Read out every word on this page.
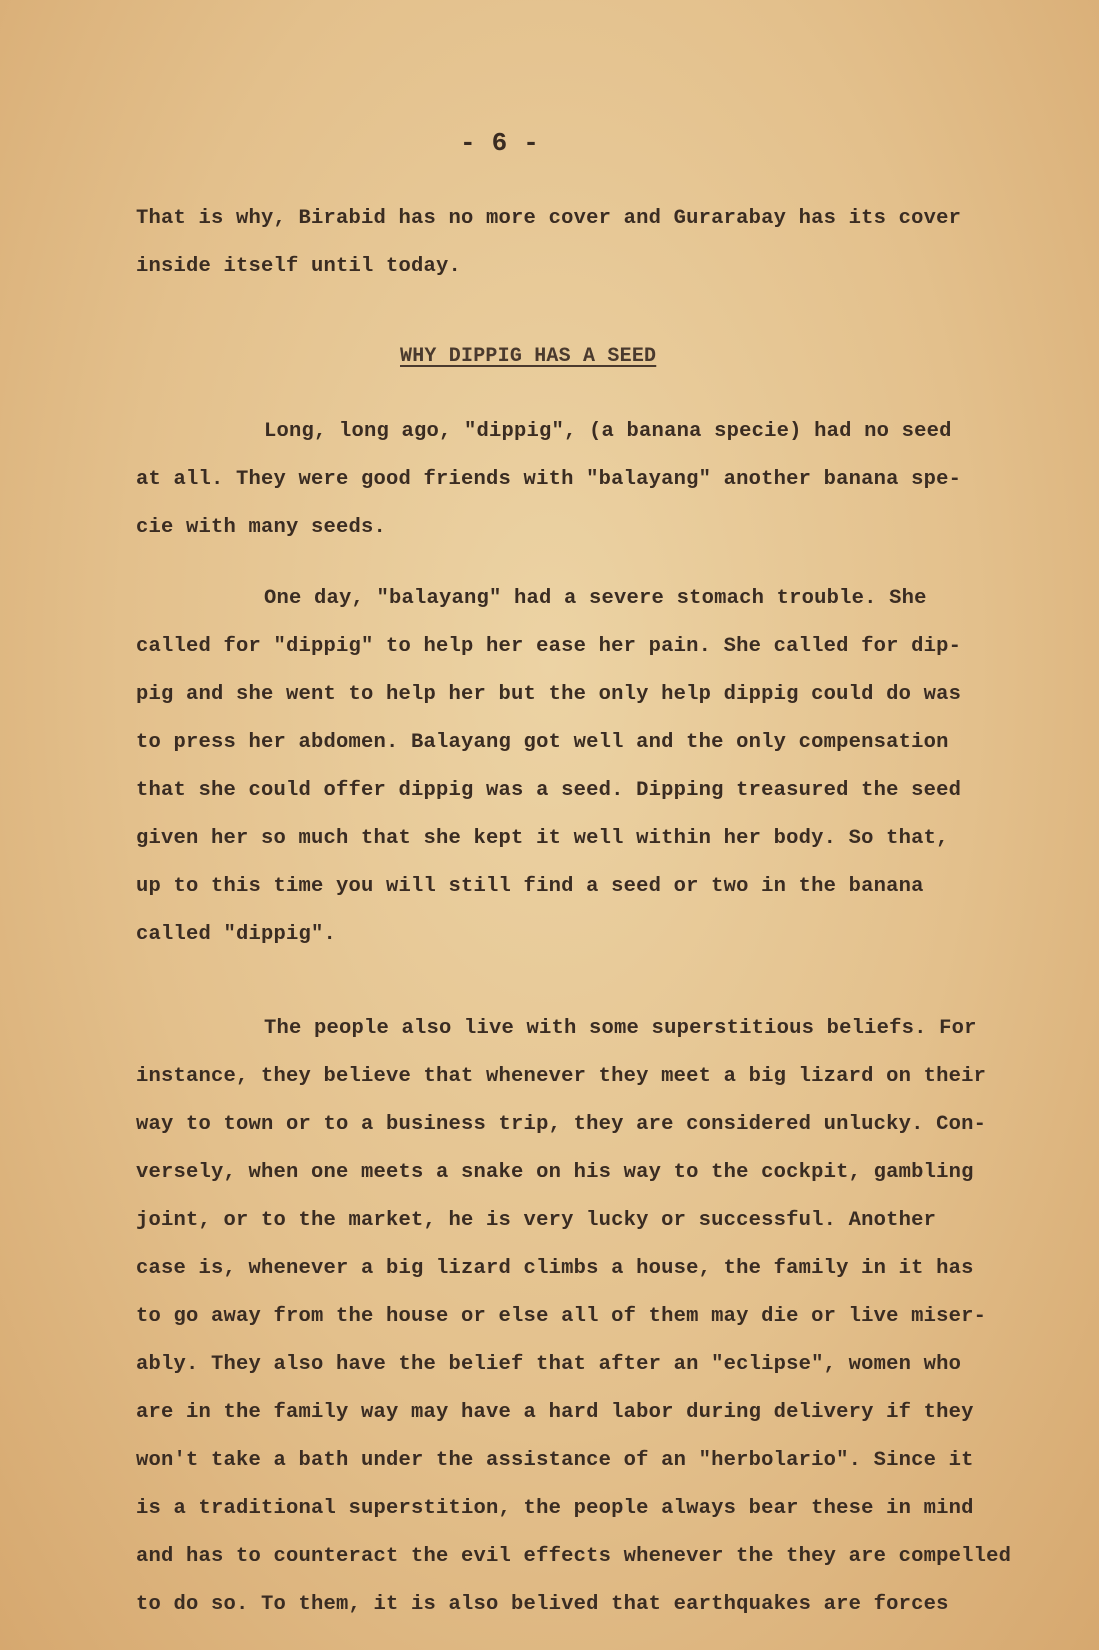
- 6 -
That is why, Birabid has no more cover and Gurarabay has its cover
inside itself until today.
WHY DIPPIG HAS A SEED
Long, long ago, "dippig", (a banana specie) had no seed
at all. They were good friends with "balayang" another banana spe-
cie with many seeds.
One day, "balayang" had a severe stomach trouble. She
called for "dippig" to help her ease her pain. She called for dip-
pig and she went to help her but the only help dippig could do was
to press her abdomen. Balayang got well and the only compensation
that she could offer dippig was a seed. Dipping treasured the seed
given her so much that she kept it well within her body. So that,
up to this time you will still find a seed or two in the banana
called "dippig".
The people also live with some superstitious beliefs. For
instance, they believe that whenever they meet a big lizard on their
way to town or to a business trip, they are considered unlucky. Con-
versely, when one meets a snake on his way to the cockpit, gambling
joint, or to the market, he is very lucky or successful. Another
case is, whenever a big lizard climbs a house, the family in it has
to go away from the house or else all of them may die or live miser-
ably. They also have the belief that after an "eclipse", women who
are in the family way may have a hard labor during delivery if they
won't take a bath under the assistance of an "herbolario". Since it
is a traditional superstition, the people always bear these in mind
and has to counteract the evil effects whenever the they are compelled
to do so. To them, it is also belived that earthquakes are forces
